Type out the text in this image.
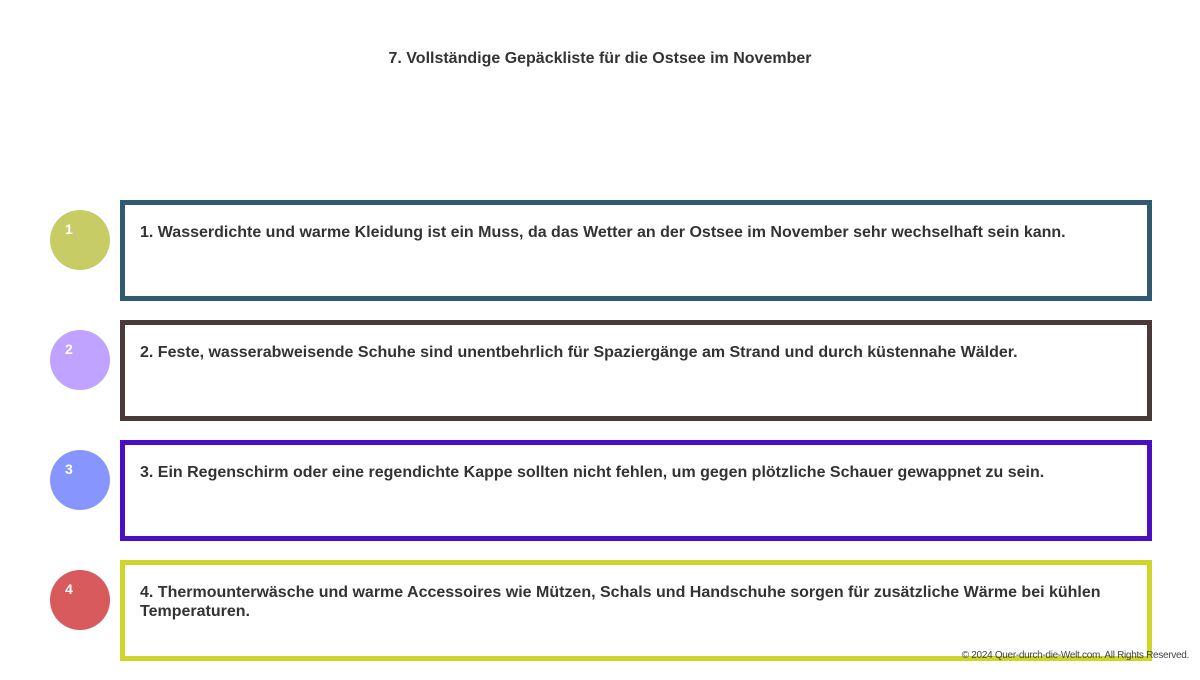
7. Vollständige Gepäckliste für die Ostsee im November
1	1. Wasserdichte und warme Kleidung ist ein Muss, da das Wetter an der Ostsee im November sehr wechselhaft sein kann.
2	2. Feste, wasserabweisende Schuhe sind unentbehrlich für Spaziergänge am Strand und durch küstennahe Wälder.
3	3. Ein Regenschirm oder eine regendichte Kappe sollten nicht fehlen, um gegen plötzliche Schauer gewappnet zu sein.
4	4. Thermounterwäsche und warme Accessoires wie Mützen, Schals und Handschuhe sorgen für zusätzliche Wärme bei kühlen Temperaturen.
© 2024 Quer-durch-die-Welt.com. All Rights Reserved.
